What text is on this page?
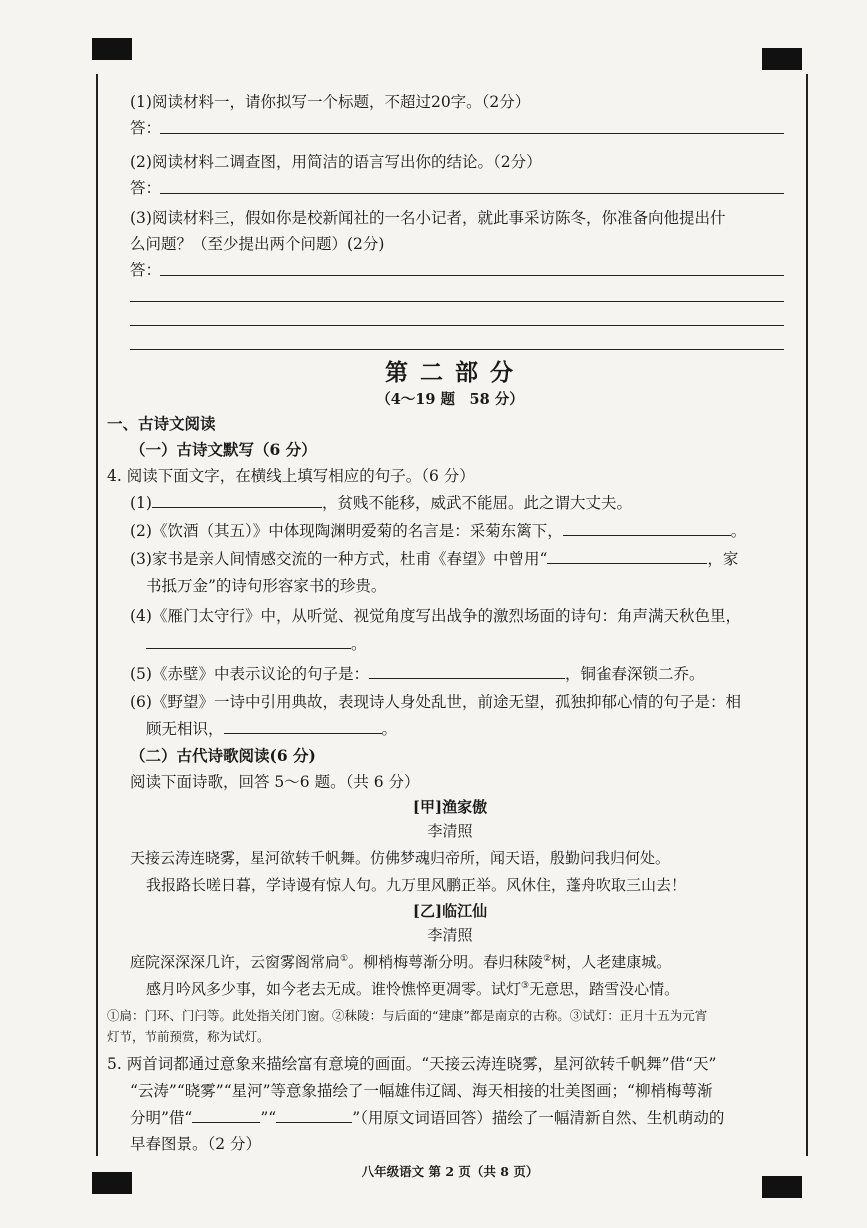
(1)阅读材料一，请你拟写一个标题，不超过20字。（2分）
答：
(2)阅读材料二调查图，用简洁的语言写出你的结论。（2分）
答：
(3)阅读材料三，假如你是校新闻社的一名小记者，就此事采访陈冬，你准备向他提出什
么问题？（至少提出两个问题）(2分)
答：
第 二 部 分
（4～19 题　58 分）
一、古诗文阅读
（一）古诗文默写（6 分）
4. 阅读下面文字，在横线上填写相应的句子。（6 分）
(1)	，贫贱不能移，威武不能屈。此之谓大丈夫。
(2)《饮酒（其五）》中体现陶渊明爱菊的名言是：采菊东篱下，	。
(3)家书是亲人间情感交流的一种方式，杜甫《春望》中曾用“	，家
书抵万金”的诗句形容家书的珍贵。
(4)《雁门太守行》中，从听觉、视觉角度写出战争的激烈场面的诗句：角声满天秋色里，
。
(5)《赤壁》中表示议论的句子是：	，铜雀春深锁二乔。
(6)《野望》一诗中引用典故，表现诗人身处乱世，前途无望，孤独抑郁心情的句子是：相
顾无相识，	。
（二）古代诗歌阅读(6 分)
阅读下面诗歌，回答 5～6 题。（共 6 分）
[甲]渔家傲
李清照
天接云涛连晓雾，星河欲转千帆舞。仿佛梦魂归帝所，闻天语，殷勤问我归何处。
我报路长嗟日暮，学诗谩有惊人句。九万里风鹏正举。风休住，蓬舟吹取三山去！
[乙]临江仙
李清照
庭院深深深几许，云窗雾阁常扃①。柳梢梅萼渐分明。春归秣陵②树，人老建康城。
感月吟风多少事，如今老去无成。谁怜憔悴更凋零。试灯③无意思，踏雪没心情。
①扃：门环、门闩等。此处指关闭门窗。②秣陵：与后面的“建康”都是南京的古称。③试灯：正月十五为元宵
灯节，节前预赏，称为试灯。
5. 两首词都通过意象来描绘富有意境的画面。“天接云涛连晓雾，星河欲转千帆舞”借“天”
“云涛”“晓雾”“星河”等意象描绘了一幅雄伟辽阔、海天相接的壮美图画；“柳梢梅萼渐
分明”借“	”“	”（用原文词语回答）描绘了一幅清新自然、生机萌动的
早春图景。（2 分）
八年级语文 第 2 页（共 8 页）
